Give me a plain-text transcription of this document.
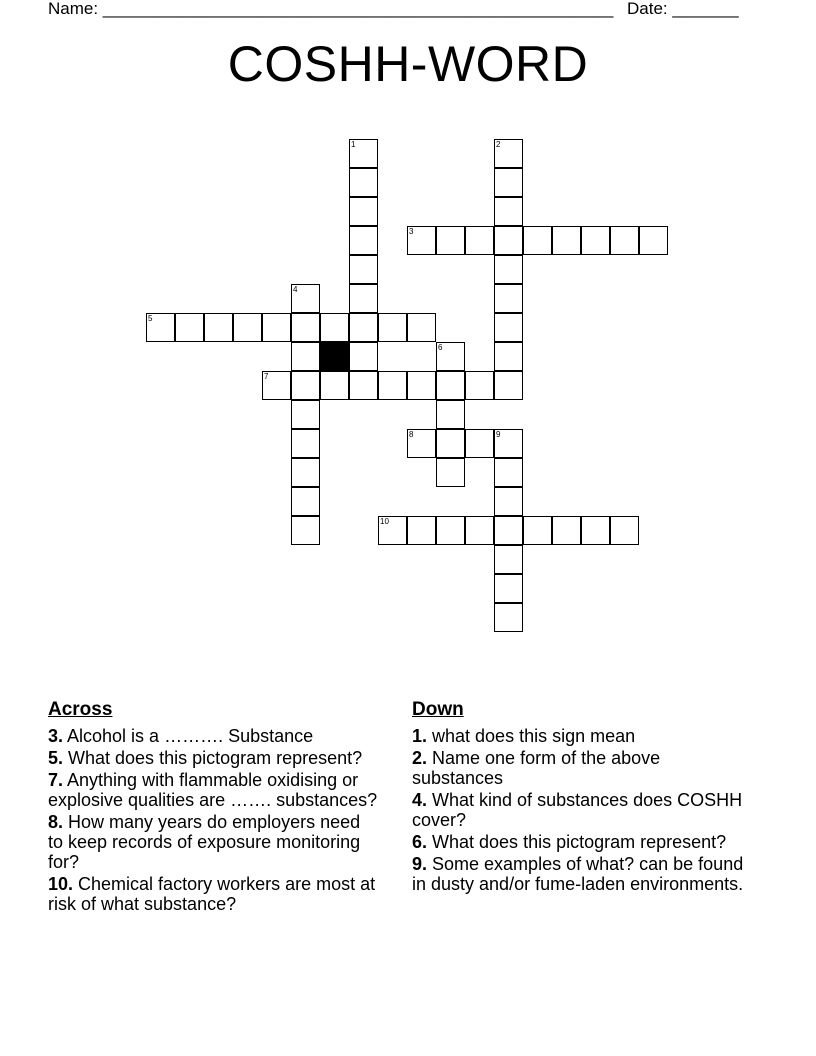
Name: ______________________________________________________ Date: _______
COSHH-WORD
1	2
3
4
5
6
7
8	9
10
Across
3. Alcohol is a ………. Substance
5. What does this pictogram represent?
7. Anything with flammable oxidising or explosive qualities are ……. substances?
8. How many years do employers need to keep records of exposure monitoring for?
10. Chemical factory workers are most at risk of what substance?
Down
1. what does this sign mean
2. Name one form of the above substances
4. What kind of substances does COSHH cover?
6. What does this pictogram represent?
9. Some examples of what? can be found in dusty and/or fume-laden environments.
